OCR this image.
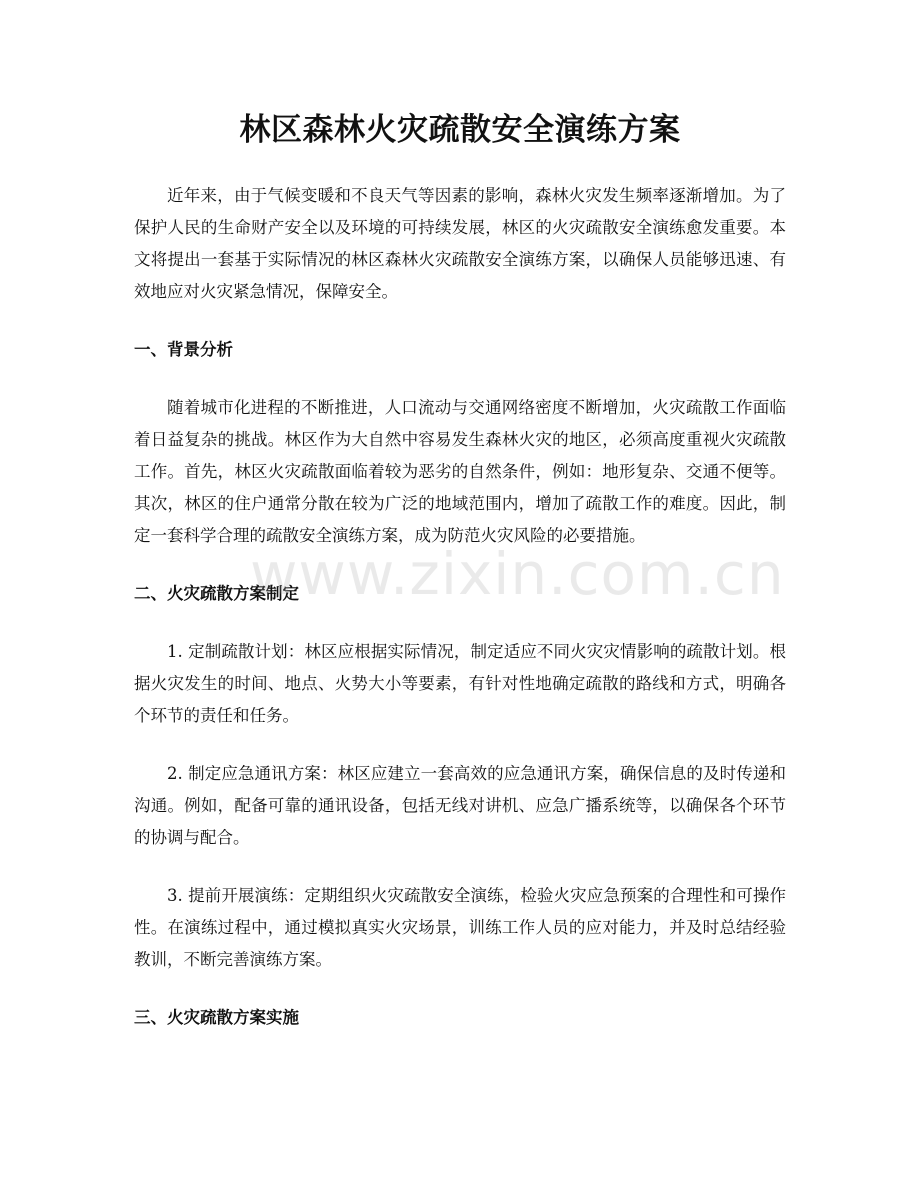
林区森林火灾疏散安全演练方案

近年来，由于气候变暖和不良天气等因素的影响，森林火灾发生频率逐渐增加。为了保护人民的生命财产安全以及环境的可持续发展，林区的火灾疏散安全演练愈发重要。本文将提出一套基于实际情况的林区森林火灾疏散安全演练方案，以确保人员能够迅速、有效地应对火灾紧急情况，保障安全。

一、背景分析

随着城市化进程的不断推进，人口流动与交通网络密度不断增加，火灾疏散工作面临着日益复杂的挑战。林区作为大自然中容易发生森林火灾的地区，必须高度重视火灾疏散工作。首先，林区火灾疏散面临着较为恶劣的自然条件，例如：地形复杂、交通不便等。其次，林区的住户通常分散在较为广泛的地域范围内，增加了疏散工作的难度。因此，制定一套科学合理的疏散安全演练方案，成为防范火灾风险的必要措施。

二、火灾疏散方案制定

1. 定制疏散计划：林区应根据实际情况，制定适应不同火灾灾情影响的疏散计划。根据火灾发生的时间、地点、火势大小等要素，有针对性地确定疏散的路线和方式，明确各个环节的责任和任务。

2. 制定应急通讯方案：林区应建立一套高效的应急通讯方案，确保信息的及时传递和沟通。例如，配备可靠的通讯设备，包括无线对讲机、应急广播系统等，以确保各个环节的协调与配合。

3. 提前开展演练：定期组织火灾疏散安全演练，检验火灾应急预案的合理性和可操作性。在演练过程中，通过模拟真实火灾场景，训练工作人员的应对能力，并及时总结经验教训，不断完善演练方案。

三、火灾疏散方案实施

www.zixin.com.cn
